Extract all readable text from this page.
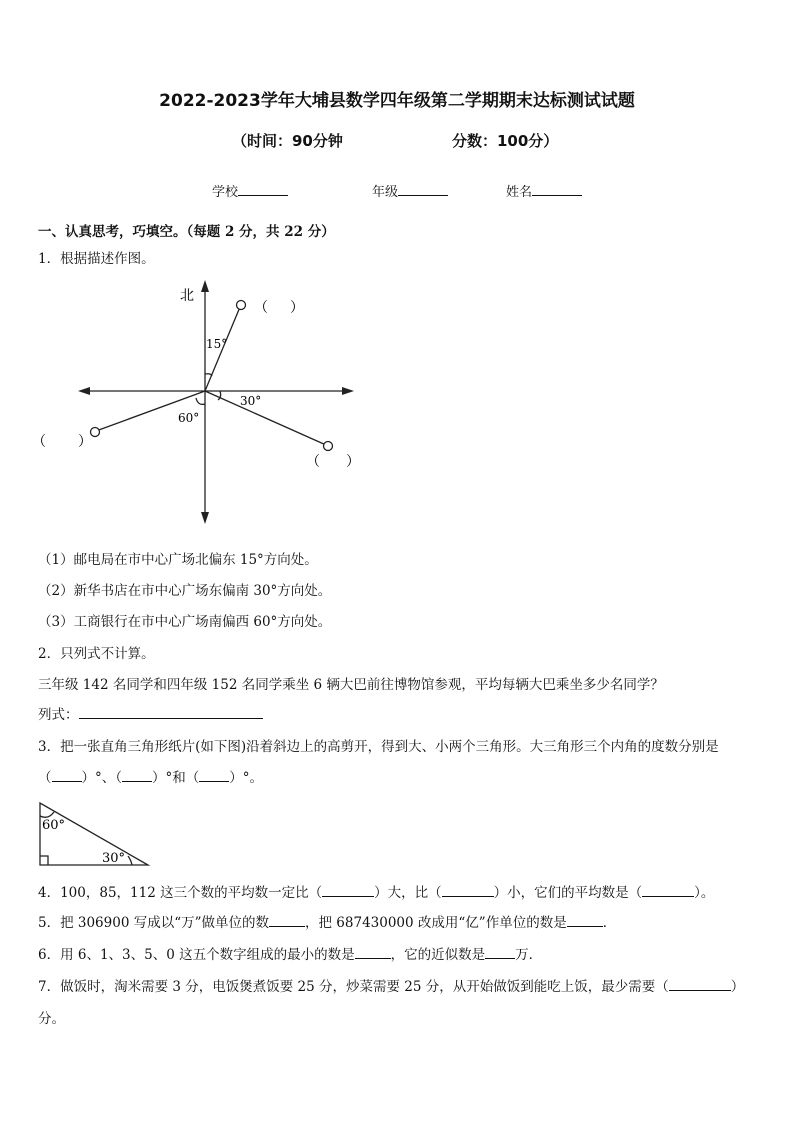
2022-2023学年大埔县数学四年级第二学期期末达标测试试题
（时间：90分钟	分数：100分）
学校	年级	姓名
一、认真思考，巧填空。（每题 2 分，共 22 分）
1．根据描述作图。
北
15°
30°
60°
（ ）
（ ）
（ ）
（1）邮电局在市中心广场北偏东 15°方向处。
（2）新华书店在市中心广场东偏南 30°方向处。
（3）工商银行在市中心广场南偏西 60°方向处。
2．只列式不计算。
三年级 142 名同学和四年级 152 名同学乘坐 6 辆大巴前往博物馆参观，平均每辆大巴乘坐多少名同学？
列式：
3．把一张直角三角形纸片(如下图)沿着斜边上的高剪开，得到大、小两个三角形。大三角形三个内角的度数分别是
（ ）°、（ ）°和（ ）°。
60°
30°
4．100，85，112 这三个数的平均数一定比（	）大，比（	）小，它们的平均数是（	）。
5．把 306900 写成以“万”做单位的数	，把 687430000 改成用“亿”作单位的数是	．
6．用 6、1、3、5、0 这五个数字组成的最小的数是	，它的近似数是 万．
7．做饭时，淘米需要 3 分，电饭煲煮饭要 25 分，炒菜需要 25 分，从开始做饭到能吃上饭，最少需要（	）
分。
